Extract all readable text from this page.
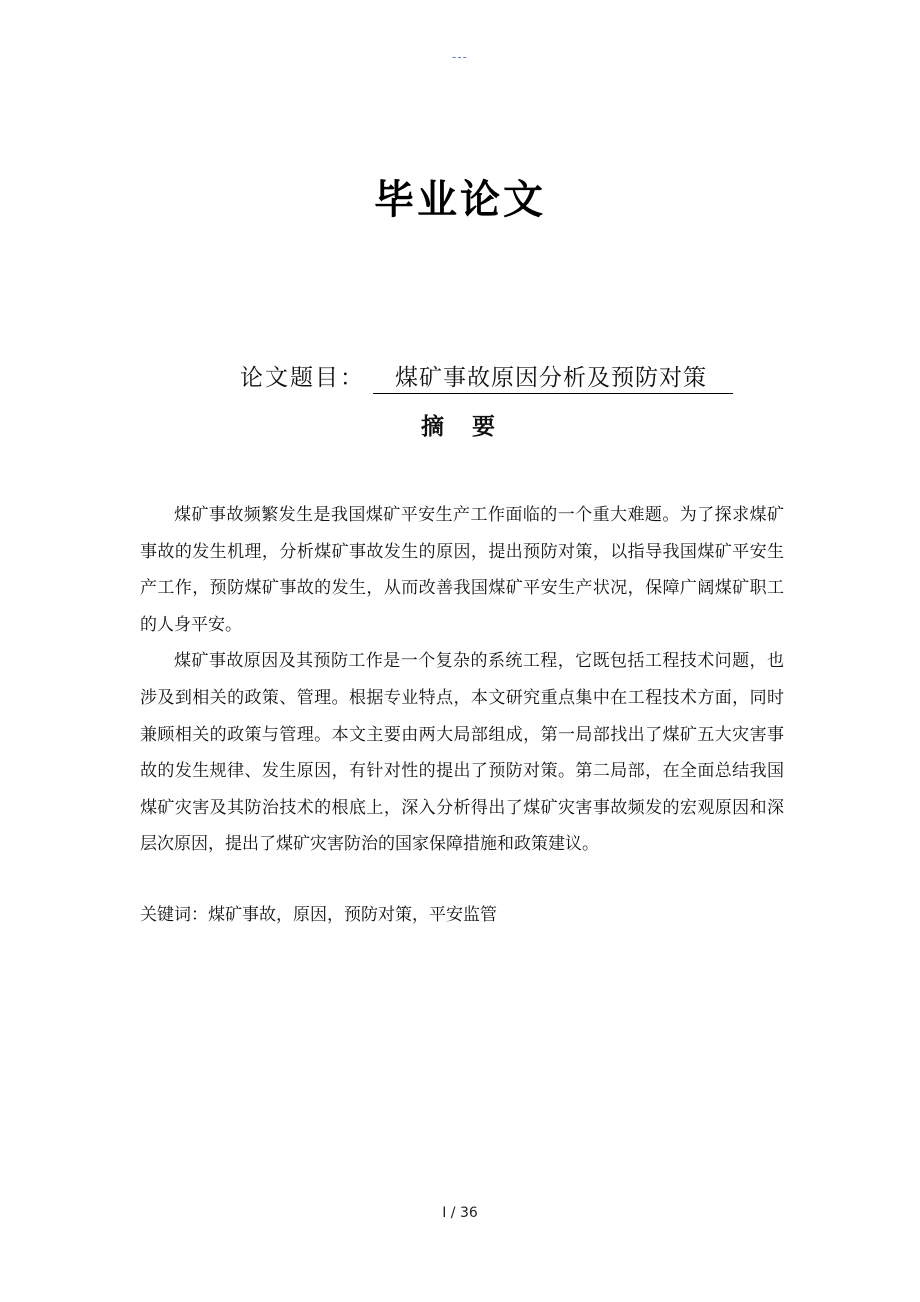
---
毕业论文
论文题目： 煤矿事故原因分析及预防对策
摘  要

煤矿事故频繁发生是我国煤矿平安生产工作面临的一个重大难题。为了探求煤矿事故的发生机理，分析煤矿事故发生的原因，提出预防对策，以指导我国煤矿平安生产工作，预防煤矿事故的发生，从而改善我国煤矿平安生产状况，保障广阔煤矿职工的人身平安。

煤矿事故原因及其预防工作是一个复杂的系统工程，它既包括工程技术问题，也涉及到相关的政策、管理。根据专业特点，本文研究重点集中在工程技术方面，同时兼顾相关的政策与管理。本文主要由两大局部组成，第一局部找出了煤矿五大灾害事故的发生规律、发生原因，有针对性的提出了预防对策。第二局部，在全面总结我国煤矿灾害及其防治技术的根底上，深入分析得出了煤矿灾害事故频发的宏观原因和深层次原因，提出了煤矿灾害防治的国家保障措施和政策建议。

关键词：煤矿事故，原因，预防对策，平安监管
I / 36
